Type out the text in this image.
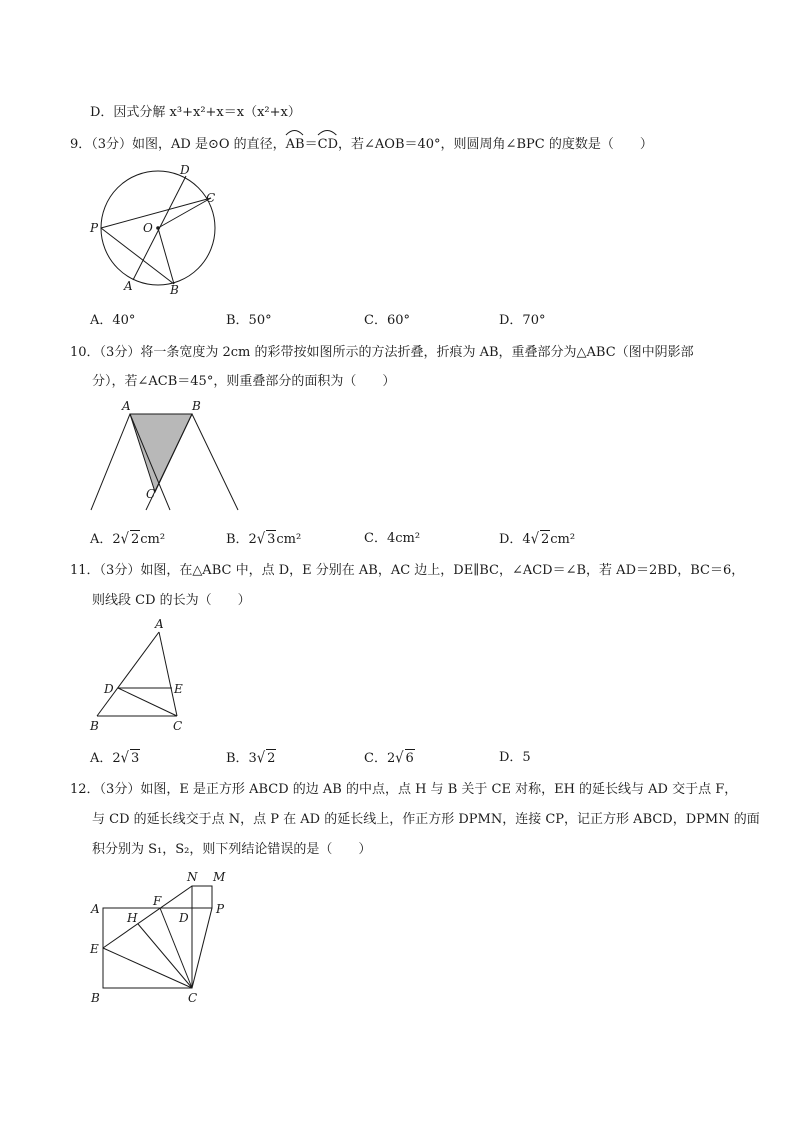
D．因式分解 x³+x²+x＝x（x²+x）
9．（3分）如图，AD 是⊙O 的直径，
AB＝
CD，若∠AOB＝40°，则圆周角∠BPC 的度数是（　　）
D
C
P	O
A	B
A．40°	B．50°	C．60°	D．70°
10．（3分）将一条宽度为 2cm 的彩带按如图所示的方法折叠，折痕为 AB，重叠部分为△ABC（图中阴影部
分），若∠ACB＝45°，则重叠部分的面积为（　　）
A	B
C
A．2√ 2cm²	B．2√ 3cm²	C．4cm²	D．4√ 2cm²
11．（3分）如图，在△ABC 中，点 D，E 分别在 AB，AC 边上，DE∥BC，∠ACD＝∠B，若 AD＝2BD，BC＝6，
则线段 CD 的长为（　　）
A
D	E
B	C
A．2√ 3	B．3√ 2	C．2√ 6	D．5
12．（3分）如图，E 是正方形 ABCD 的边 AB 的中点，点 H 与 B 关于 CE 对称，EH 的延长线与 AD 交于点 F，
与 CD 的延长线交于点 N，点 P 在 AD 的延长线上，作正方形 DPMN，连接 CP，记正方形 ABCD，DPMN 的面
积分别为 S₁，S₂，则下列结论错误的是（　　）
N M
A
F
H	D
P
E
B	C
